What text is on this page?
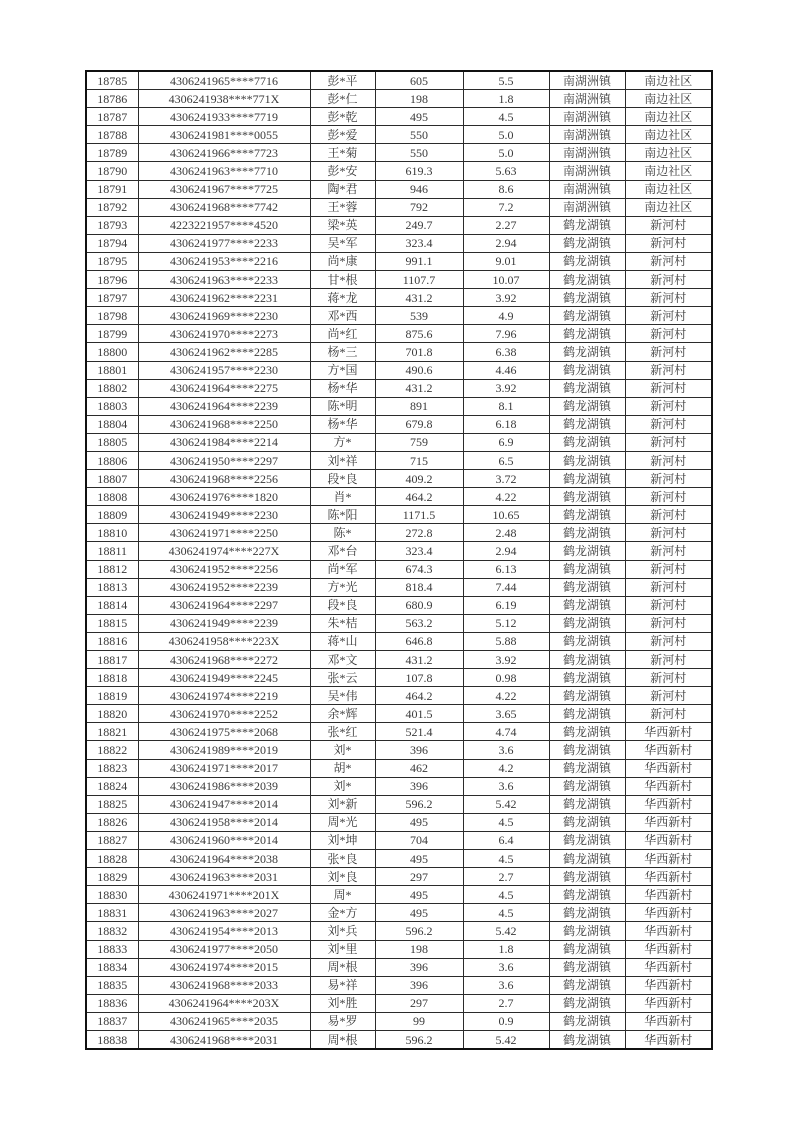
18785	4306241965****7716	彭*平	605	5.5	南湖洲镇	南边社区
18786	4306241938****771X	彭*仁	198	1.8	南湖洲镇	南边社区
18787	4306241933****7719	彭*乾	495	4.5	南湖洲镇	南边社区
18788	4306241981****0055	彭*爱	550	5.0	南湖洲镇	南边社区
18789	4306241966****7723	王*菊	550	5.0	南湖洲镇	南边社区
18790	4306241963****7710	彭*安	619.3	5.63	南湖洲镇	南边社区
18791	4306241967****7725	陶*君	946	8.6	南湖洲镇	南边社区
18792	4306241968****7742	王*蓉	792	7.2	南湖洲镇	南边社区
18793	4223221957****4520	梁*英	249.7	2.27	鹤龙湖镇	新河村
18794	4306241977****2233	吴*军	323.4	2.94	鹤龙湖镇	新河村
18795	4306241953****2216	尚*康	991.1	9.01	鹤龙湖镇	新河村
18796	4306241963****2233	甘*根	1107.7	10.07	鹤龙湖镇	新河村
18797	4306241962****2231	蒋*龙	431.2	3.92	鹤龙湖镇	新河村
18798	4306241969****2230	邓*西	539	4.9	鹤龙湖镇	新河村
18799	4306241970****2273	尚*红	875.6	7.96	鹤龙湖镇	新河村
18800	4306241962****2285	杨*三	701.8	6.38	鹤龙湖镇	新河村
18801	4306241957****2230	方*国	490.6	4.46	鹤龙湖镇	新河村
18802	4306241964****2275	杨*华	431.2	3.92	鹤龙湖镇	新河村
18803	4306241964****2239	陈*明	891	8.1	鹤龙湖镇	新河村
18804	4306241968****2250	杨*华	679.8	6.18	鹤龙湖镇	新河村
18805	4306241984****2214	方*	759	6.9	鹤龙湖镇	新河村
18806	4306241950****2297	刘*祥	715	6.5	鹤龙湖镇	新河村
18807	4306241968****2256	段*良	409.2	3.72	鹤龙湖镇	新河村
18808	4306241976****1820	肖*	464.2	4.22	鹤龙湖镇	新河村
18809	4306241949****2230	陈*阳	1171.5	10.65	鹤龙湖镇	新河村
18810	4306241971****2250	陈*	272.8	2.48	鹤龙湖镇	新河村
18811	4306241974****227X	邓*台	323.4	2.94	鹤龙湖镇	新河村
18812	4306241952****2256	尚*军	674.3	6.13	鹤龙湖镇	新河村
18813	4306241952****2239	方*光	818.4	7.44	鹤龙湖镇	新河村
18814	4306241964****2297	段*良	680.9	6.19	鹤龙湖镇	新河村
18815	4306241949****2239	朱*桔	563.2	5.12	鹤龙湖镇	新河村
18816	4306241958****223X	蒋*山	646.8	5.88	鹤龙湖镇	新河村
18817	4306241968****2272	邓*文	431.2	3.92	鹤龙湖镇	新河村
18818	4306241949****2245	张*云	107.8	0.98	鹤龙湖镇	新河村
18819	4306241974****2219	吴*伟	464.2	4.22	鹤龙湖镇	新河村
18820	4306241970****2252	余*辉	401.5	3.65	鹤龙湖镇	新河村
18821	4306241975****2068	张*红	521.4	4.74	鹤龙湖镇	华西新村
18822	4306241989****2019	刘*	396	3.6	鹤龙湖镇	华西新村
18823	4306241971****2017	胡*	462	4.2	鹤龙湖镇	华西新村
18824	4306241986****2039	刘*	396	3.6	鹤龙湖镇	华西新村
18825	4306241947****2014	刘*新	596.2	5.42	鹤龙湖镇	华西新村
18826	4306241958****2014	周*光	495	4.5	鹤龙湖镇	华西新村
18827	4306241960****2014	刘*坤	704	6.4	鹤龙湖镇	华西新村
18828	4306241964****2038	张*良	495	4.5	鹤龙湖镇	华西新村
18829	4306241963****2031	刘*良	297	2.7	鹤龙湖镇	华西新村
18830	4306241971****201X	周*	495	4.5	鹤龙湖镇	华西新村
18831	4306241963****2027	金*方	495	4.5	鹤龙湖镇	华西新村
18832	4306241954****2013	刘*兵	596.2	5.42	鹤龙湖镇	华西新村
18833	4306241977****2050	刘*里	198	1.8	鹤龙湖镇	华西新村
18834	4306241974****2015	周*根	396	3.6	鹤龙湖镇	华西新村
18835	4306241968****2033	易*祥	396	3.6	鹤龙湖镇	华西新村
18836	4306241964****203X	刘*胜	297	2.7	鹤龙湖镇	华西新村
18837	4306241965****2035	易*罗	99	0.9	鹤龙湖镇	华西新村
18838	4306241968****2031	周*根	596.2	5.42	鹤龙湖镇	华西新村
